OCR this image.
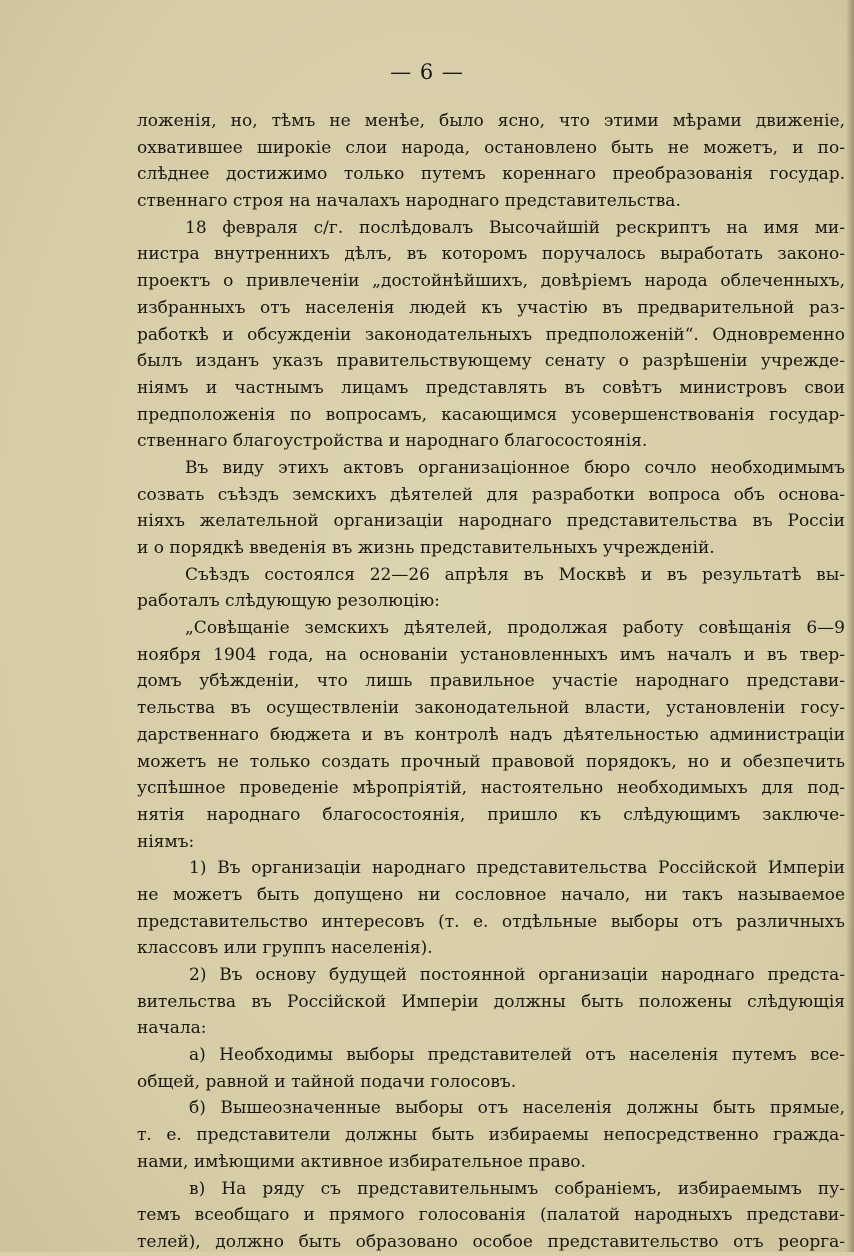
— 6 —
ложенія, но, тѣмъ не менѣе, было ясно, что этими мѣрами движеніе,
охватившее широкіе слои народа, остановлено быть не можетъ, и по-
слѣднее достижимо только путемъ кореннаго преобразованія государ.
ственнаго строя на началахъ народнаго представительства.
18 февраля с/г. послѣдовалъ Высочайшій рескриптъ на имя ми-
нистра внутреннихъ дѣлъ, въ которомъ поручалось выработать законо-
проектъ о привлеченіи „достойнѣйшихъ, довѣріемъ народа облеченныхъ,
избранныхъ отъ населенія людей къ участію въ предварительной раз-
работкѣ и обсужденіи законодательныхъ предположеній“. Одновременно
былъ изданъ указъ правительствующему сенату о разрѣшеніи учрежде-
ніямъ и частнымъ лицамъ представлять въ совѣтъ министровъ свои
предположенія по вопросамъ, касающимся усовершенствованія государ-
ственнаго благоустройства и народнаго благосостоянія.
Въ виду этихъ актовъ организаціонное бюро сочло необходимымъ
созвать съѣздъ земскихъ дѣятелей для разработки вопроса объ основа-
ніяхъ желательной организаціи народнаго представительства въ Россіи
и о порядкѣ введенія въ жизнь представительныхъ учрежденій.
Съѣздъ состоялся 22—26 апрѣля въ Москвѣ и въ результатѣ вы-
работалъ слѣдующую резолюцію:
„Совѣщаніе земскихъ дѣятелей, продолжая работу совѣщанія 6—9
ноября 1904 года, на основаніи установленныхъ имъ началъ и въ твер-
домъ убѣжденіи, что лишь правильное участіе народнаго представи-
тельства въ осуществленіи законодательной власти, установленіи госу-
дарственнаго бюджета и въ контролѣ надъ дѣятельностью администраціи
можетъ не только создать прочный правовой порядокъ, но и обезпечить
успѣшное проведеніе мѣропріятій, настоятельно необходимыхъ для под-
нятія народнаго благосостоянія, пришло къ слѣдующимъ заключе-
ніямъ:
1) Въ организаціи народнаго представительства Россійской Имперіи
не можетъ быть допущено ни сословное начало, ни такъ называемое
представительство интересовъ (т. е. отдѣльные выборы отъ различныхъ
классовъ или группъ населенія).
2) Въ основу будущей постоянной организаціи народнаго предста-
вительства въ Россійской Имперіи должны быть положены слѣдующія
начала:
а) Необходимы выборы представителей отъ населенія путемъ все-
общей, равной и тайной подачи голосовъ.
б) Вышеозначенные выборы отъ населенія должны быть прямые,
т. е. представители должны быть избираемы непосредственно гражда-
нами, имѣющими активное избирательное право.
в) На ряду съ представительнымъ собраніемъ, избираемымъ пу-
темъ всеобщаго и прямого голосованія (палатой народныхъ представи-
телей), должно быть образовано особое представительство отъ реорга-
